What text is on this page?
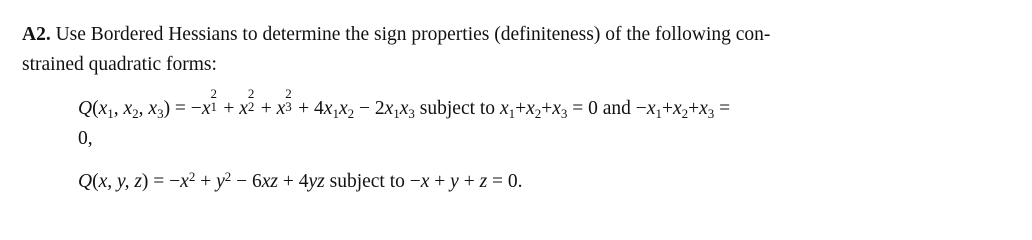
A2. Use Bordered Hessians to determine the sign properties (definiteness) of the following con-
strained quadratic forms:
$Q(x_1$, $x_2$, $x_3) = -x$
2
1 + x
2
2 + x
2
$3 + 4x_1x_2 - 2x_1x_3$ subject to $x_1+x_2+x_3 = 0$ and $-x_1+x_2+x_3$ =
0,
Q(x, y, $z) = -x^2 + y^2 - 6xz + 4yz$ subject to −x + y + z = 0.
